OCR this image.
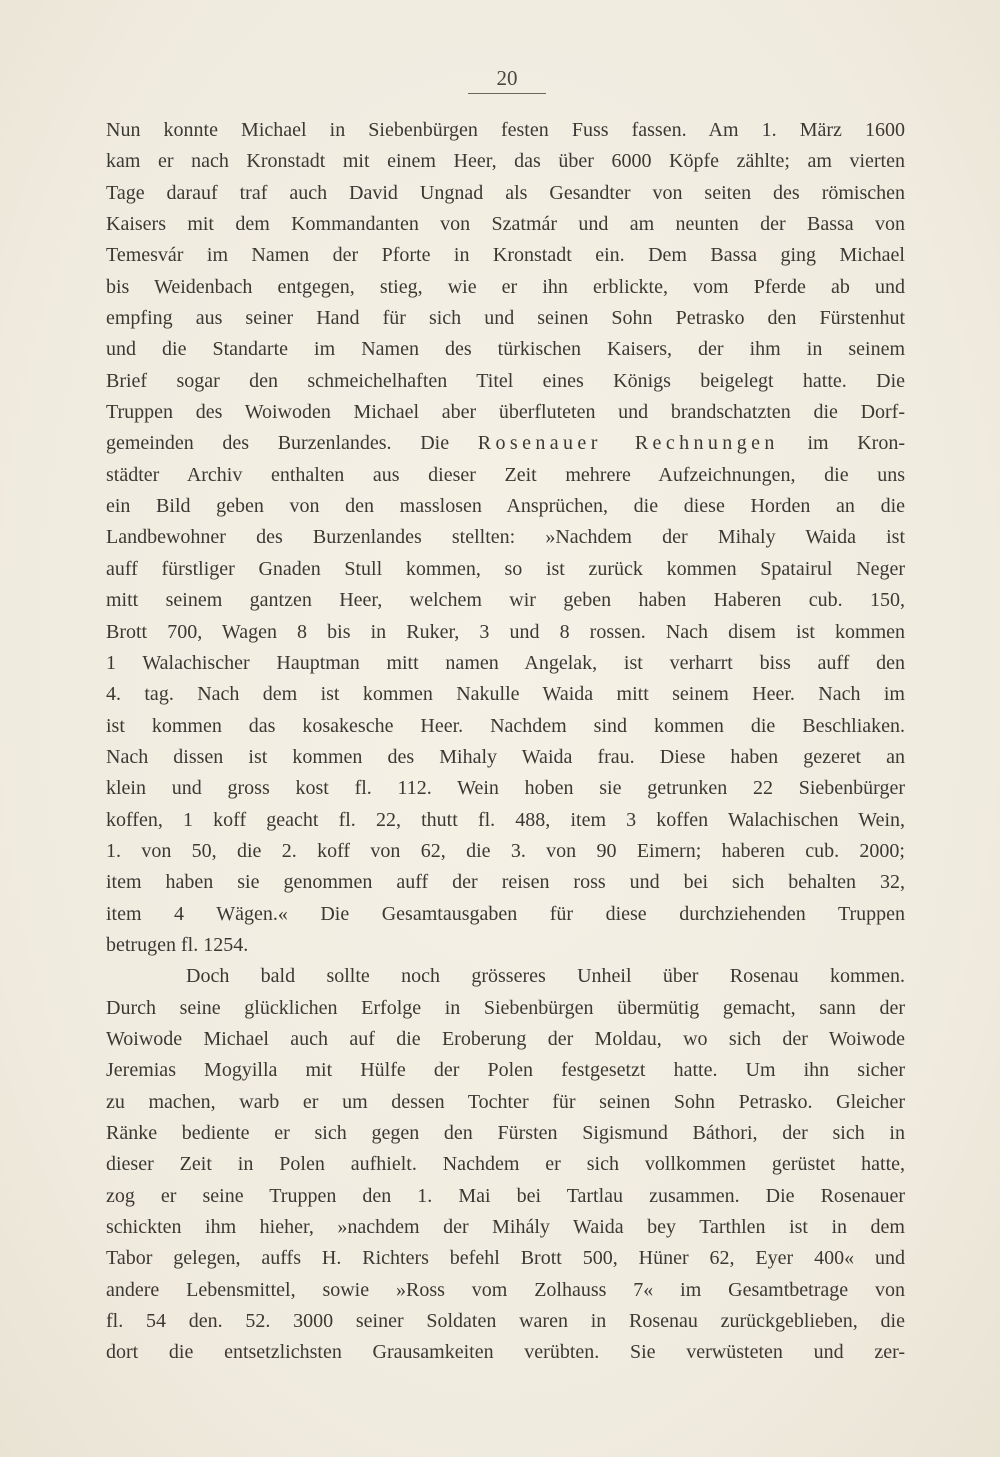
20
Nun konnte Michael in Siebenbürgen festen Fuss fassen. Am 1. März 1600
kam er nach Kronstadt mit einem Heer, das über 6000 Köpfe zählte; am vierten
Tage darauf traf auch David Ungnad als Gesandter von seiten des römischen
Kaisers mit dem Kommandanten von Szatmár und am neunten der Bassa von
Temesvár im Namen der Pforte in Kronstadt ein. Dem Bassa ging Michael
bis Weidenbach entgegen, stieg, wie er ihn erblickte, vom Pferde ab und
empfing aus seiner Hand für sich und seinen Sohn Petrasko den Fürstenhut
und die Standarte im Namen des türkischen Kaisers, der ihm in seinem
Brief sogar den schmeichelhaften Titel eines Königs beigelegt hatte. Die
Truppen des Woiwoden Michael aber überfluteten und brandschatzten die Dorf-
gemeinden des Burzenlandes. Die Rosenauer Rechnungen im Kron-
städter Archiv enthalten aus dieser Zeit mehrere Aufzeichnungen, die uns
ein Bild geben von den masslosen Ansprüchen, die diese Horden an die
Landbewohner des Burzenlandes stellten: »Nachdem der Mihaly Waida ist
auff fürstliger Gnaden Stull kommen, so ist zurück kommen Spatairul Neger
mitt seinem gantzen Heer, welchem wir geben haben Haberen cub. 150,
Brott 700, Wagen 8 bis in Ruker, 3 und 8 rossen. Nach disem ist kommen
1 Walachischer Hauptman mitt namen Angelak, ist verharrt biss auff den
4. tag. Nach dem ist kommen Nakulle Waida mitt seinem Heer. Nach im
ist kommen das kosakesche Heer. Nachdem sind kommen die Beschliaken.
Nach dissen ist kommen des Mihaly Waida frau. Diese haben gezeret an
klein und gross kost fl. 112. Wein hoben sie getrunken 22 Siebenbürger
koffen, 1 koff geacht fl. 22, thutt fl. 488, item 3 koffen Walachischen Wein,
1. von 50, die 2. koff von 62, die 3. von 90 Eimern; haberen cub. 2000;
item haben sie genommen auff der reisen ross und bei sich behalten 32,
item 4 Wägen.« Die Gesamtausgaben für diese durchziehenden Truppen
betrugen fl. 1254.
Doch bald sollte noch grösseres Unheil über Rosenau kommen.
Durch seine glücklichen Erfolge in Siebenbürgen übermütig gemacht, sann der
Woiwode Michael auch auf die Eroberung der Moldau, wo sich der Woiwode
Jeremias Mogyilla mit Hülfe der Polen festgesetzt hatte. Um ihn sicher
zu machen, warb er um dessen Tochter für seinen Sohn Petrasko. Gleicher
Ränke bediente er sich gegen den Fürsten Sigismund Báthori, der sich in
dieser Zeit in Polen aufhielt. Nachdem er sich vollkommen gerüstet hatte,
zog er seine Truppen den 1. Mai bei Tartlau zusammen. Die Rosenauer
schickten ihm hieher, »nachdem der Mihály Waida bey Tarthlen ist in dem
Tabor gelegen, auffs H. Richters befehl Brott 500, Hüner 62, Eyer 400« und
andere Lebensmittel, sowie »Ross vom Zolhauss 7« im Gesamtbetrage von
fl. 54 den. 52. 3000 seiner Soldaten waren in Rosenau zurückgeblieben, die
dort die entsetzlichsten Grausamkeiten verübten. Sie verwüsteten und zer-
